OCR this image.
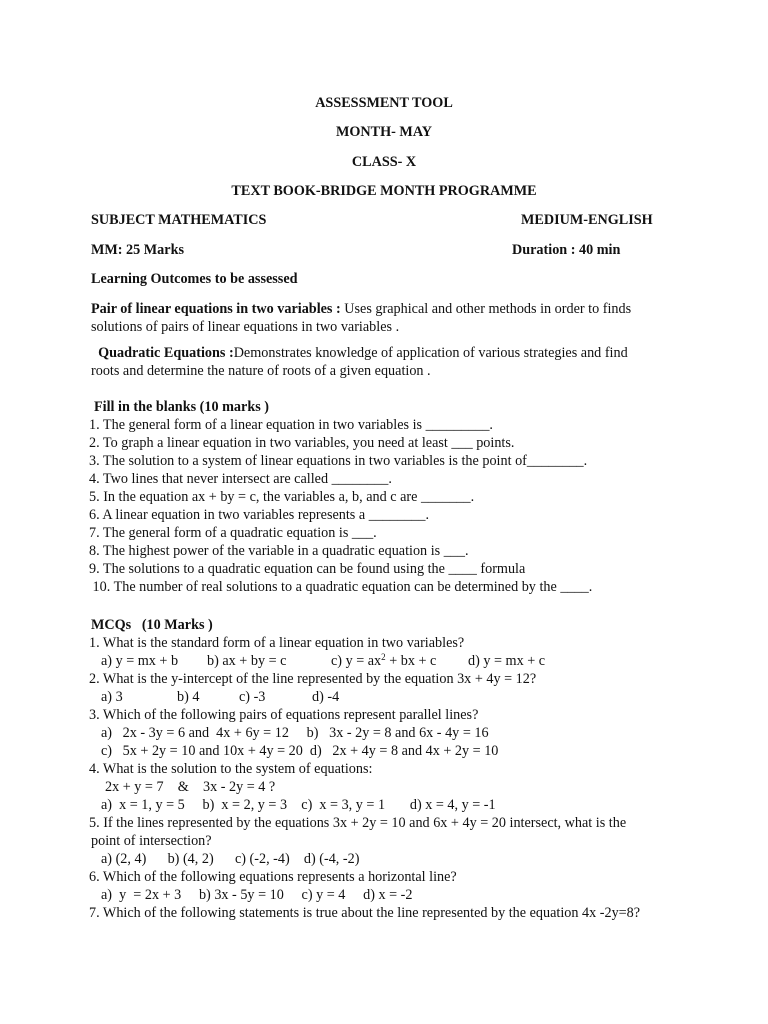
ASSESSMENT TOOL
MONTH- MAY
CLASS- X
TEXT BOOK-BRIDGE MONTH PROGRAMME
SUBJECT MATHEMATICS	MEDIUM-ENGLISH
MM: 25 Marks	Duration : 40 min
Learning Outcomes to be assessed
Pair of linear equations in two variables : Uses graphical and other methods in order to finds
solutions of pairs of linear equations in two variables .
Quadratic Equations :Demonstrates knowledge of application of various strategies and find
roots and determine the nature of roots of a given equation .
Fill in the blanks (10 marks )
1. The general form of a linear equation in two variables is _________.
2. To graph a linear equation in two variables, you need at least ___ points.
3. The solution to a system of linear equations in two variables is the point of________.
4. Two lines that never intersect are called ________.
5. In the equation ax + by = c, the variables a, b, and c are _______.
6. A linear equation in two variables represents a ________.
7. The general form of a quadratic equation is ___.
8. The highest power of the variable in a quadratic equation is ___.
9. The solutions to a quadratic equation can be found using the ____ formula
10. The number of real solutions to a quadratic equation can be determined by the ____.
MCQs   (10 Marks )
1. What is the standard form of a linear equation in two variables?
a) y = mx + b b) ax + by = c	c) $y = ax^2$ + bx + c d) y = mx + c
2. What is the y-intercept of the line represented by the equation 3x + 4y = 12?
a) 3	b) 4	c) -3	d) -4
3. Which of the following pairs of equations represent parallel lines?
a)   2x - 3y = 6 and  4x + 6y = 12     b)   3x - 2y = 8 and 6x - 4y = 16
c)   5x + 2y = 10 and 10x + 4y = 20  d)   2x + 4y = 8 and 4x + 2y = 10
4. What is the solution to the system of equations:
2x + y = 7    &    3x - 2y = 4 ?
a)  x = 1, y = 5     b)  x = 2, y = 3    c)  x = 3, y = 1       d) x = 4, y = -1
5. If the lines represented by the equations 3x + 2y = 10 and 6x + 4y = 20 intersect, what is the
point of intersection?
a) (2, 4)      b) (4, 2)      c) (-2, -4)    d) (-4, -2)
6. Which of the following equations represents a horizontal line?
a)  y  = 2x + 3     b) 3x - 5y = 10     c) y = 4     d) x = -2
7. Which of the following statements is true about the line represented by the equation 4x -2y=8?
